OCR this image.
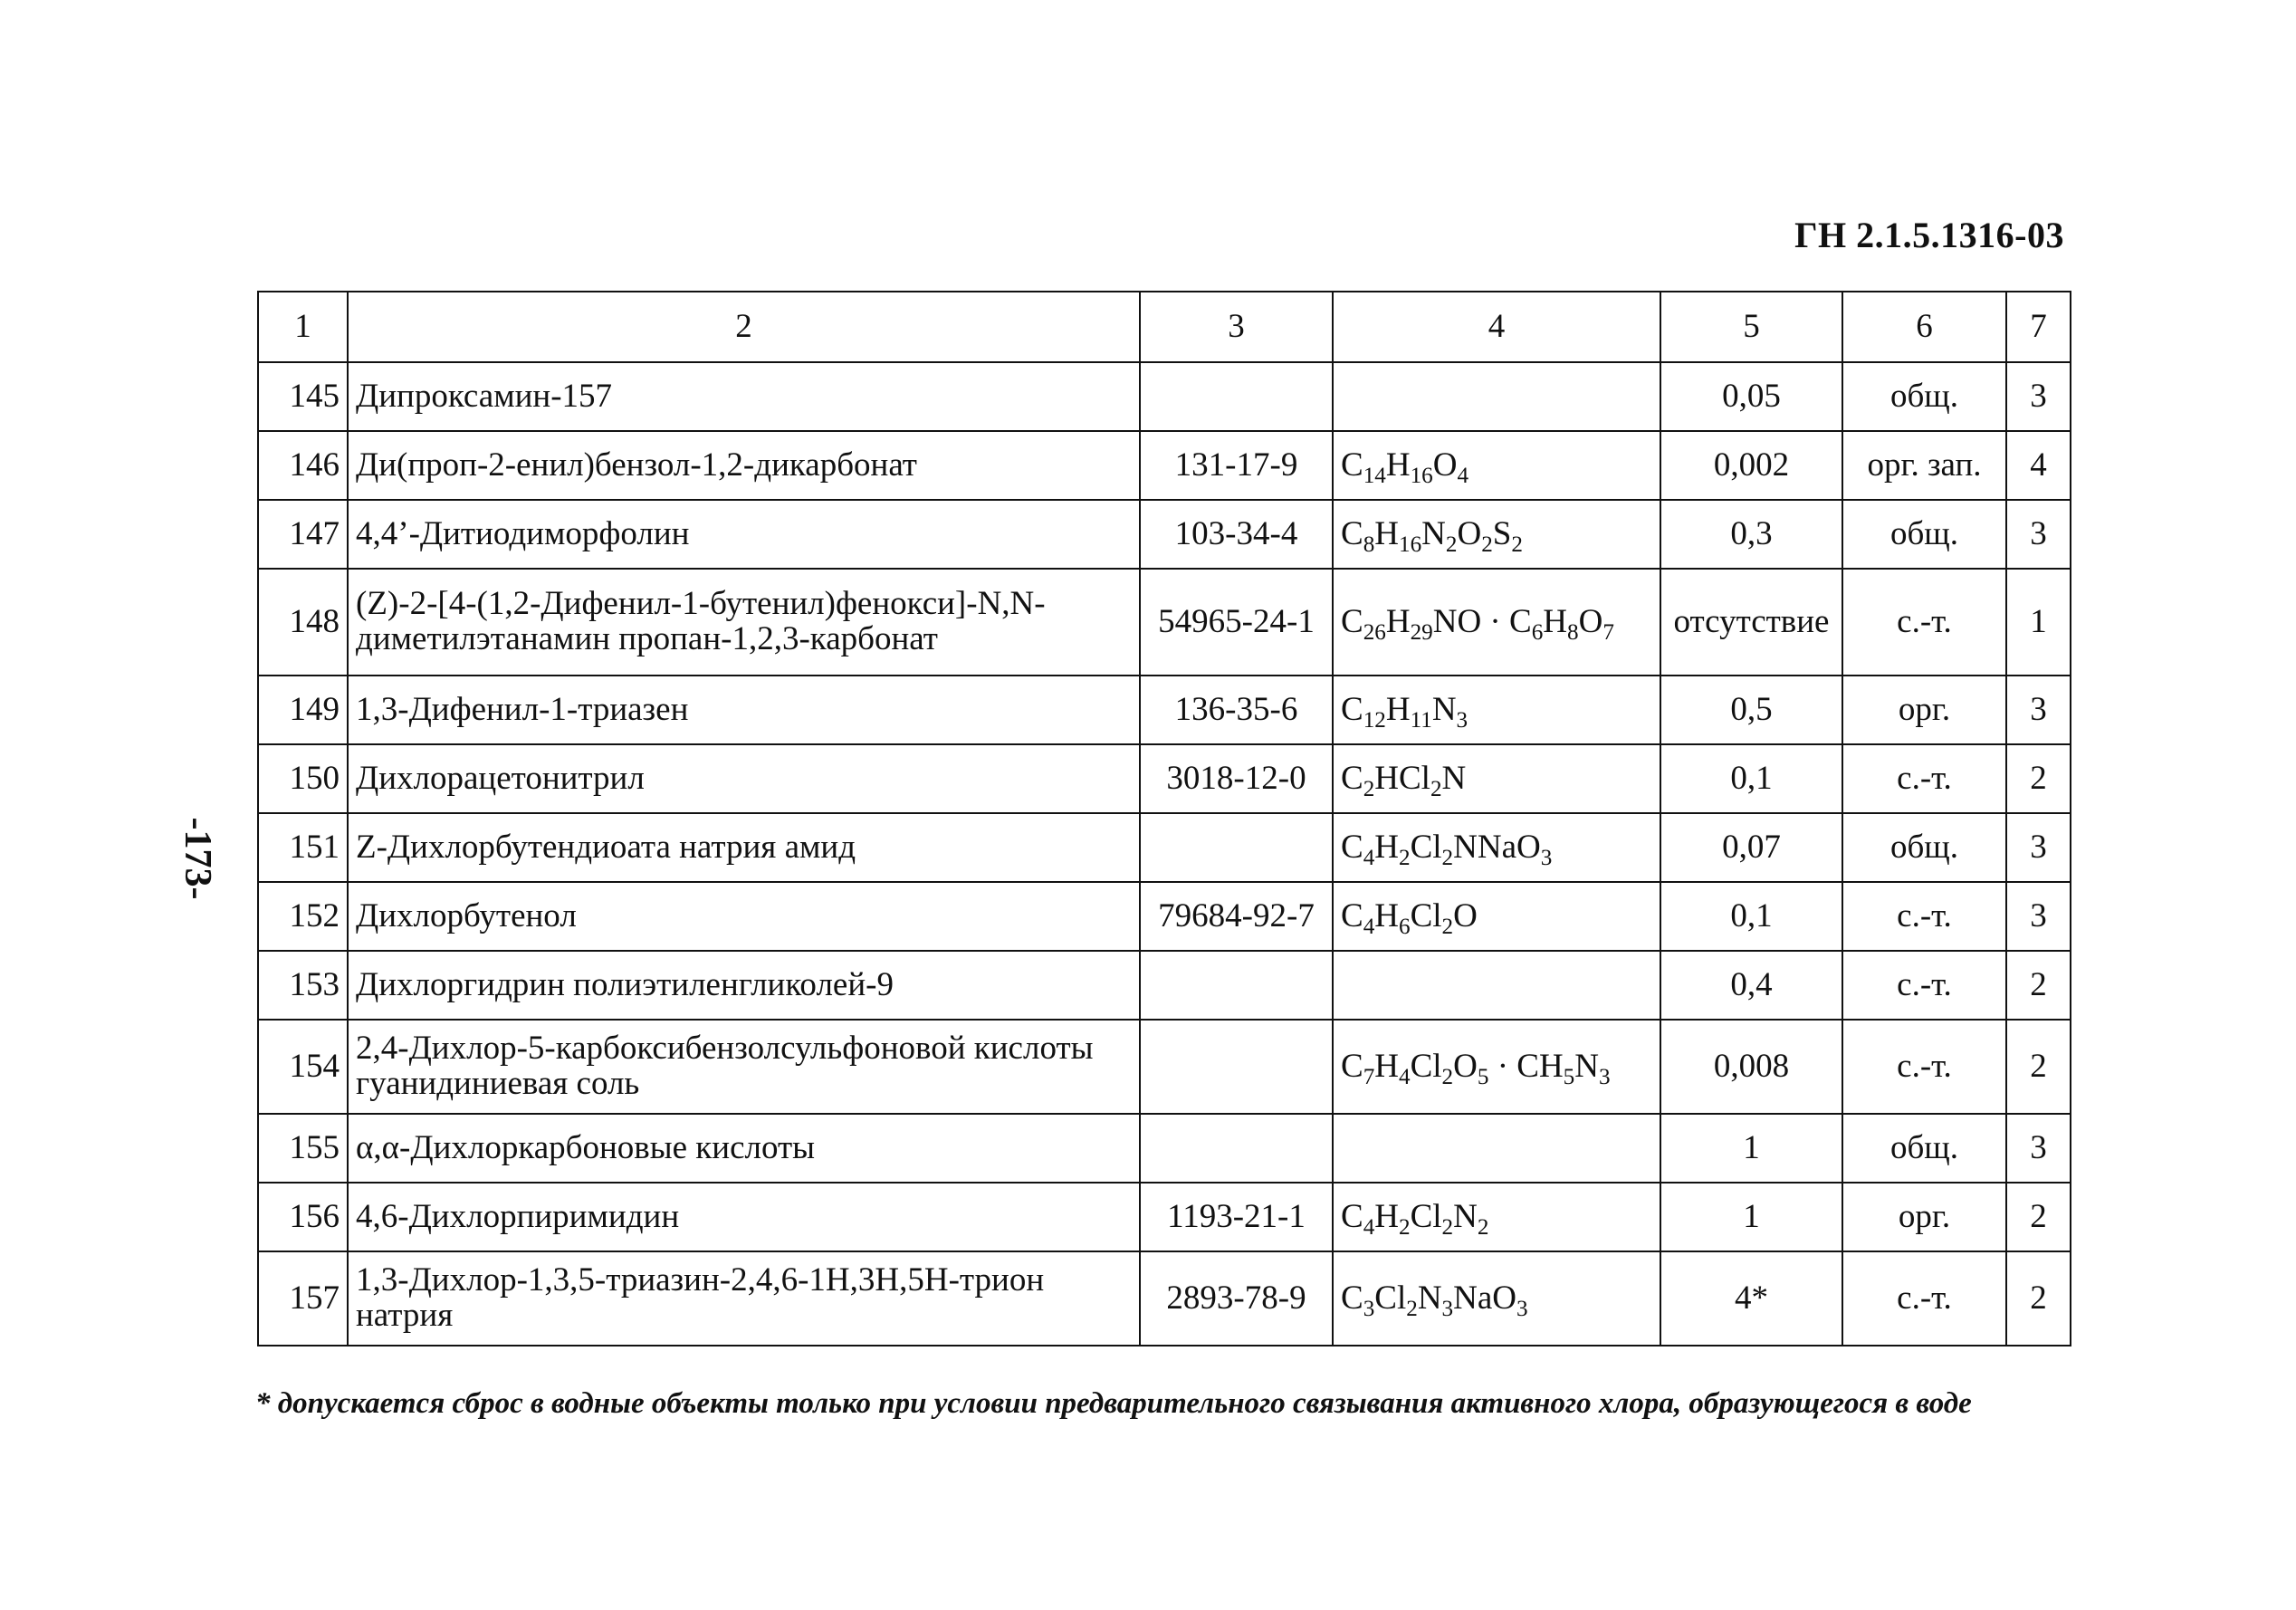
ГН 2.1.5.1316-03
-173-
1	2	3	4	5	6	7
145	Дипроксамин-157			0,05	общ.	3
146	Ди(проп-2-енил)бензол-1,2-дикарбонат	131-17-9	$C_{14}H_{16}O_4$	0,002	орг. зап.	4
147	4,4’-Дитиодиморфолин	103-34-4	$C_8H_{16}N_2O_2S_2$	0,3	общ.	3
148	(Z)-2-[4-(1,2-Дифенил-1-бутенил)фенокси]-N,N-диметилэтанамин пропан-1,2,3-карбонат	54965-24-1	$C_{26}H_{29}NO \cdot C_6H_8O_7$	отсутствие	с.-т.	1
149	1,3-Дифенил-1-триазен	136-35-6	$C_{12}H_{11}N_3$	0,5	орг.	3
150	Дихлорацетонитрил	3018-12-0	$C_2HCl_2N$	0,1	с.-т.	2
151	Z-Дихлорбутендиоата натрия амид		$C_4H_2Cl_2NNaO_3$	0,07	общ.	3
152	Дихлорбутенол	79684-92-7	$C_4H_6Cl_2O$	0,1	с.-т.	3
153	Дихлоргидрин полиэтиленгликолей-9			0,4	с.-т.	2
154	2,4-Дихлор-5-карбоксибензолсульфоновой кислоты гуанидиниевая соль		$C_7H_4Cl_2O_5 \cdot CH_5N_3$	0,008	с.-т.	2
155	α,α-Дихлоркарбоновые кислоты			1	общ.	3
156	4,6-Дихлорпиримидин	1193-21-1	$C_4H_2Cl_2N_2$	1	орг.	2
157	1,3-Дихлор-1,3,5-триазин-2,4,6-1H,3H,5H-трион натрия	2893-78-9	$C_3Cl_2N_3NaO_3$	4*	с.-т.	2
* допускается сброс в водные объекты только при условии предварительного связывания активного хлора, образующегося в воде
